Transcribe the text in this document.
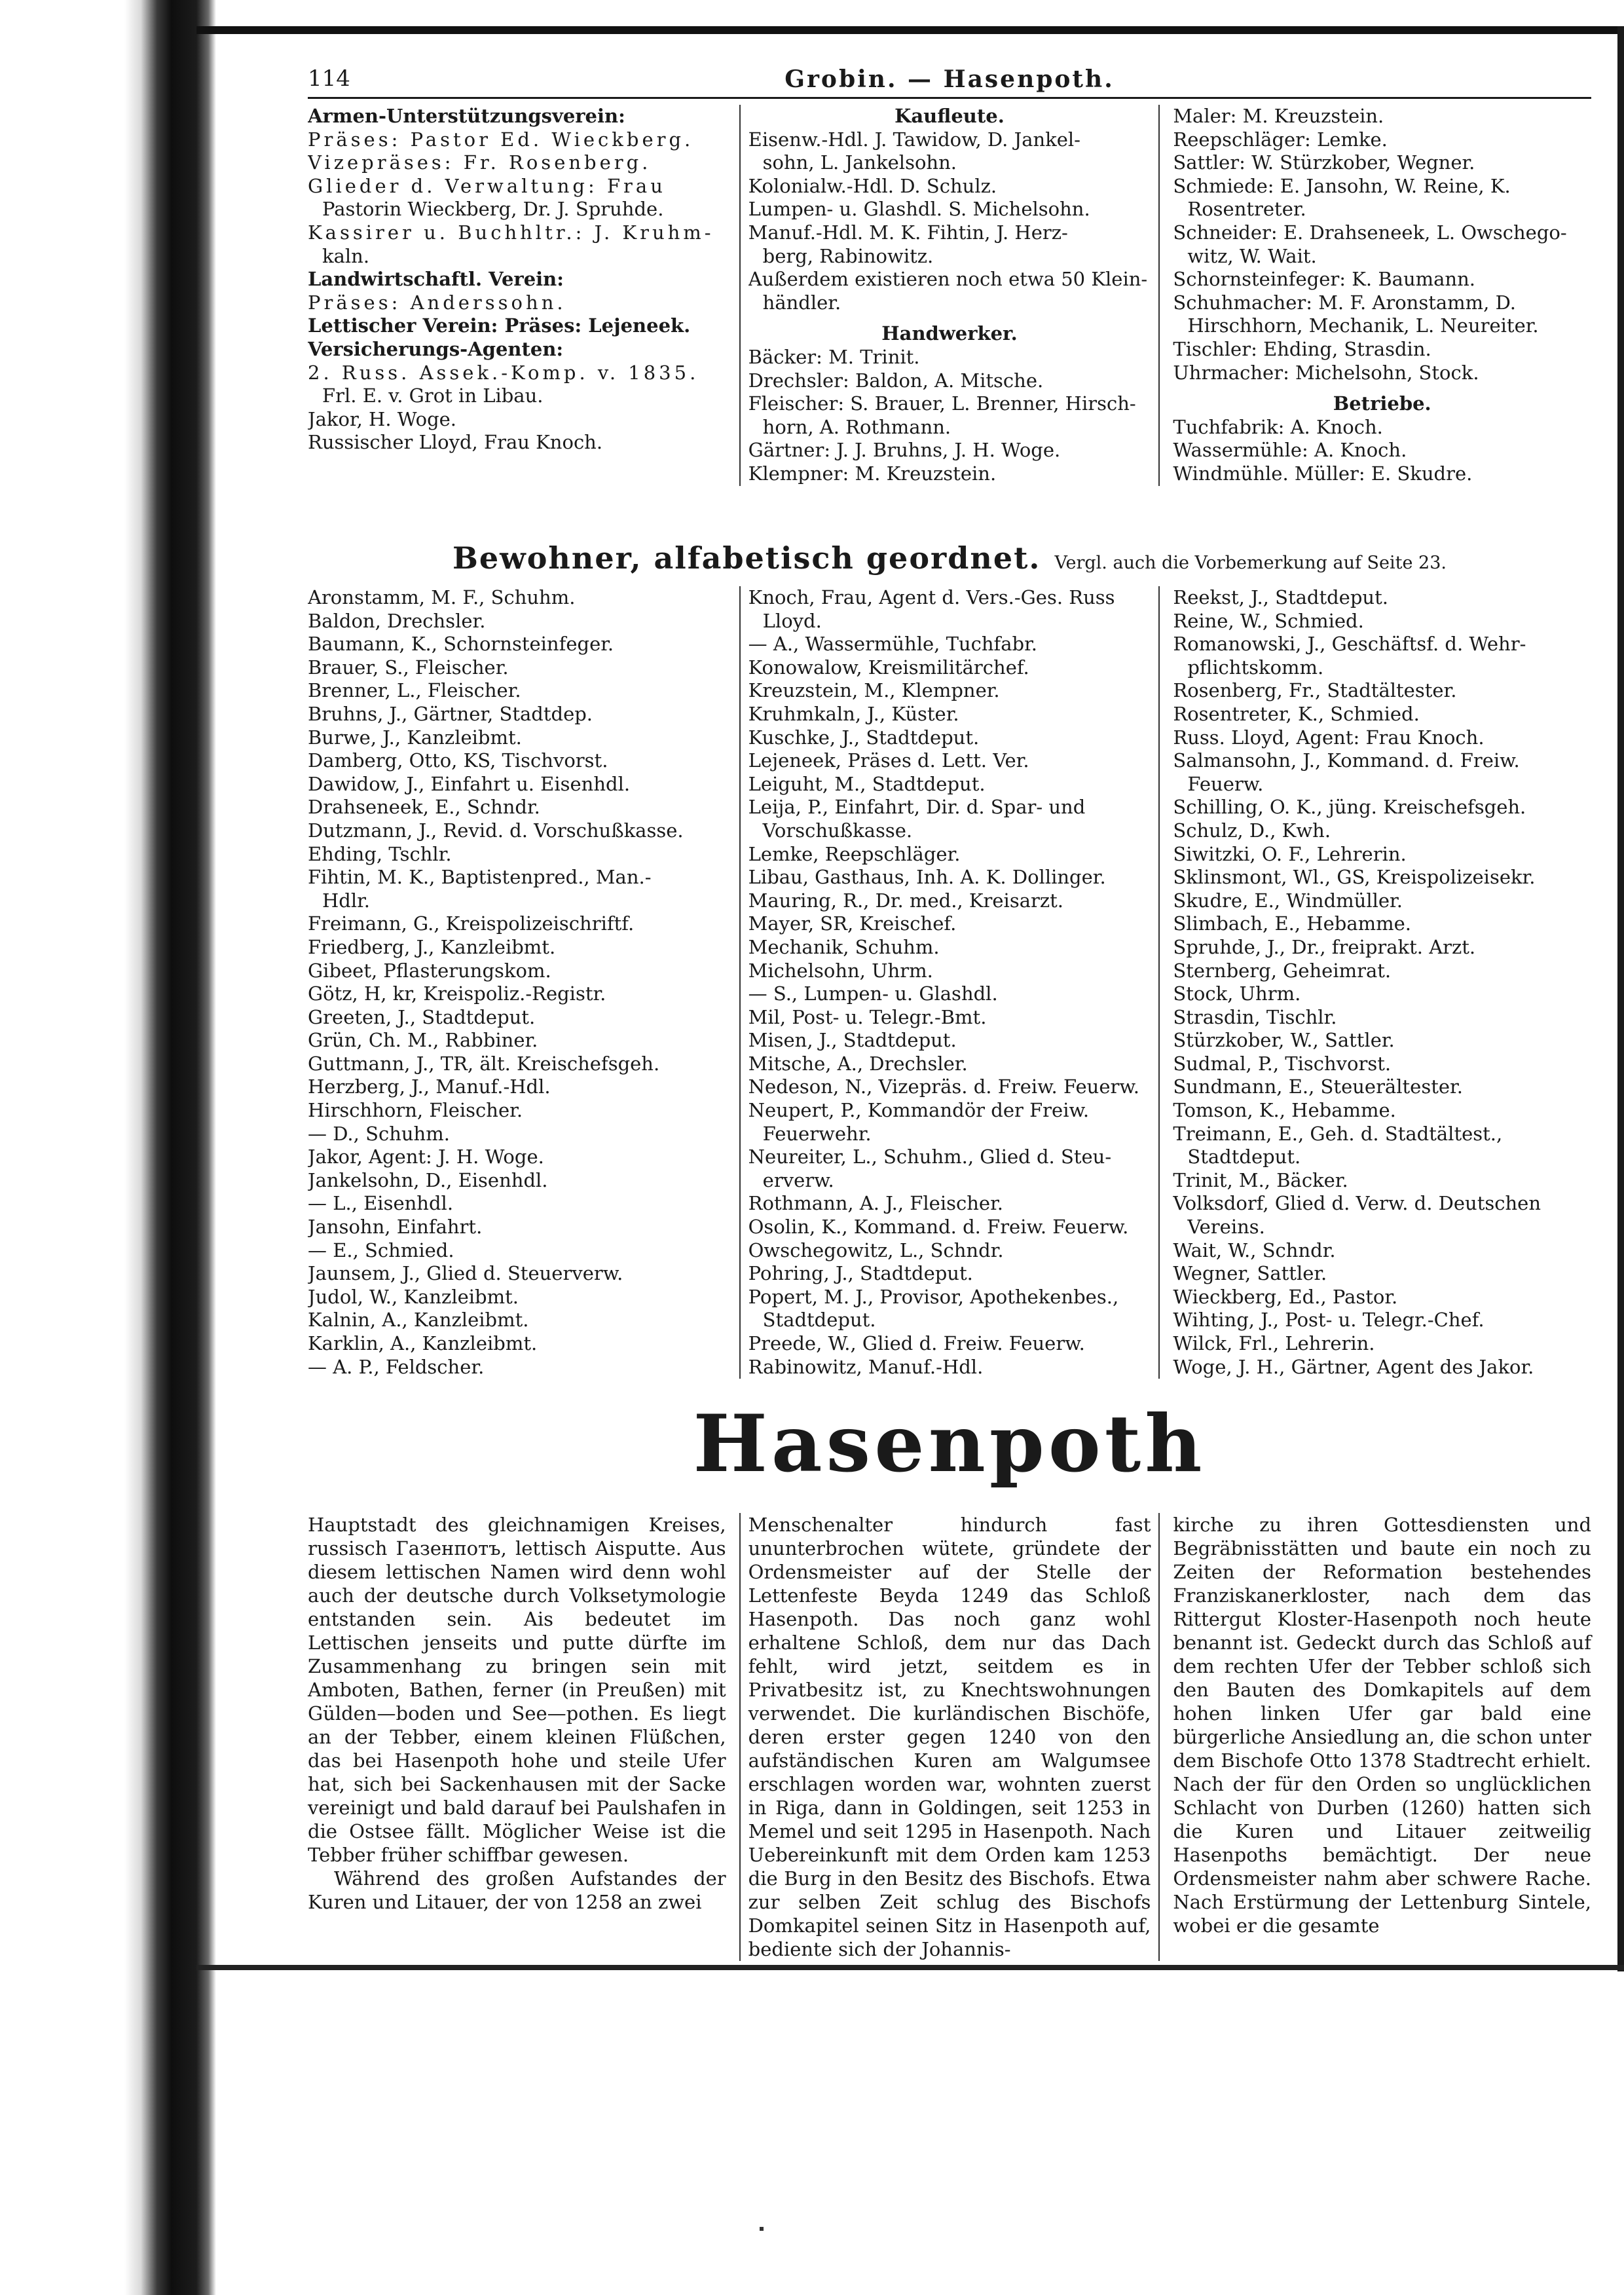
114	Grobin. — Hasenpoth.
Armen-Unterstützungsverein:
Präses: Pastor Ed. Wieckberg.
Vizepräses: Fr. Rosenberg.
Glieder d. Verwaltung: Frau
Pastorin Wieckberg, Dr. J. Spruhde.
Kassirer u. Buchhltr.: J. Kruhm-
kaln.
Landwirtschaftl. Verein:
Präses: Anderssohn.
Lettischer Verein: Präses: Lejeneek.
Versicherungs-Agenten:
2. Russ. Assek.-Komp. v. 1835.
Frl. E. v. Grot in Libau.
Jakor, H. Woge.
Russischer Lloyd, Frau Knoch.
Kaufleute.
Eisenw.-Hdl. J. Tawidow, D. Jankel-
sohn, L. Jankelsohn.
Kolonialw.-Hdl. D. Schulz.
Lumpen- u. Glashdl. S. Michelsohn.
Manuf.-Hdl. M. K. Fihtin, J. Herz-
berg, Rabinowitz.
Außerdem existieren noch etwa 50 Klein-
händler.
Handwerker.
Bäcker: M. Trinit.
Drechsler: Baldon, A. Mitsche.
Fleischer: S. Brauer, L. Brenner, Hirsch-
horn, A. Rothmann.
Gärtner: J. J. Bruhns, J. H. Woge.
Klempner: M. Kreuzstein.
Maler: M. Kreuzstein.
Reepschläger: Lemke.
Sattler: W. Stürzkober, Wegner.
Schmiede: E. Jansohn, W. Reine, K.
Rosentreter.
Schneider: E. Drahseneek, L. Owschego-
witz, W. Wait.
Schornsteinfeger: K. Baumann.
Schuhmacher: M. F. Aronstamm, D.
Hirschhorn, Mechanik, L. Neureiter.
Tischler: Ehding, Strasdin.
Uhrmacher: Michelsohn, Stock.
Betriebe.
Tuchfabrik: A. Knoch.
Wassermühle: A. Knoch.
Windmühle. Müller: E. Skudre.
Bewohner, alfabetisch geordnet. Vergl. auch die Vorbemerkung auf Seite 23.
Aronstamm, M. F., Schuhm.
Baldon, Drechsler.
Baumann, K., Schornsteinfeger.
Brauer, S., Fleischer.
Brenner, L., Fleischer.
Bruhns, J., Gärtner, Stadtdep.
Burwe, J., Kanzleibmt.
Damberg, Otto, KS, Tischvorst.
Dawidow, J., Einfahrt u. Eisenhdl.
Drahseneek, E., Schndr.
Dutzmann, J., Revid. d. Vorschußkasse.
Ehding, Tschlr.
Fihtin, M. K., Baptistenpred., Man.-
Hdlr.
Freimann, G., Kreispolizeischriftf.
Friedberg, J., Kanzleibmt.
Gibeet, Pflasterungskom.
Götz, H, kr, Kreispoliz.-Registr.
Greeten, J., Stadtdeput.
Grün, Ch. M., Rabbiner.
Guttmann, J., TR, ält. Kreischefsgeh.
Herzberg, J., Manuf.-Hdl.
Hirschhorn, Fleischer.
— D., Schuhm.
Jakor, Agent: J. H. Woge.
Jankelsohn, D., Eisenhdl.
— L., Eisenhdl.
Jansohn, Einfahrt.
— E., Schmied.
Jaunsem, J., Glied d. Steuerverw.
Judol, W., Kanzleibmt.
Kalnin, A., Kanzleibmt.
Karklin, A., Kanzleibmt.
— A. P., Feldscher.
Knoch, Frau, Agent d. Vers.-Ges. Russ
Lloyd.
— A., Wassermühle, Tuchfabr.
Konowalow, Kreismilitärchef.
Kreuzstein, M., Klempner.
Kruhmkaln, J., Küster.
Kuschke, J., Stadtdeput.
Lejeneek, Präses d. Lett. Ver.
Leiguht, M., Stadtdeput.
Leija, P., Einfahrt, Dir. d. Spar- und
Vorschußkasse.
Lemke, Reepschläger.
Libau, Gasthaus, Inh. A. K. Dollinger.
Mauring, R., Dr. med., Kreisarzt.
Mayer, SR, Kreischef.
Mechanik, Schuhm.
Michelsohn, Uhrm.
— S., Lumpen- u. Glashdl.
Mil, Post- u. Telegr.-Bmt.
Misen, J., Stadtdeput.
Mitsche, A., Drechsler.
Nedeson, N., Vizepräs. d. Freiw. Feuerw.
Neupert, P., Kommandör der Freiw.
Feuerwehr.
Neureiter, L., Schuhm., Glied d. Steu-
erverw.
Rothmann, A. J., Fleischer.
Osolin, K., Kommand. d. Freiw. Feuerw.
Owschegowitz, L., Schndr.
Pohring, J., Stadtdeput.
Popert, M. J., Provisor, Apothekenbes.,
Stadtdeput.
Preede, W., Glied d. Freiw. Feuerw.
Rabinowitz, Manuf.-Hdl.
Reekst, J., Stadtdeput.
Reine, W., Schmied.
Romanowski, J., Geschäftsf. d. Wehr-
pflichtskomm.
Rosenberg, Fr., Stadtältester.
Rosentreter, K., Schmied.
Russ. Lloyd, Agent: Frau Knoch.
Salmansohn, J., Kommand. d. Freiw.
Feuerw.
Schilling, O. K., jüng. Kreischefsgeh.
Schulz, D., Kwh.
Siwitzki, O. F., Lehrerin.
Sklinsmont, Wl., GS, Kreispolizeisekr.
Skudre, E., Windmüller.
Slimbach, E., Hebamme.
Spruhde, J., Dr., freiprakt. Arzt.
Sternberg, Geheimrat.
Stock, Uhrm.
Strasdin, Tischlr.
Stürzkober, W., Sattler.
Sudmal, P., Tischvorst.
Sundmann, E., Steuerältester.
Tomson, K., Hebamme.
Treimann, E., Geh. d. Stadtältest.,
Stadtdeput.
Trinit, M., Bäcker.
Volksdorf, Glied d. Verw. d. Deutschen
Vereins.
Wait, W., Schndr.
Wegner, Sattler.
Wieckberg, Ed., Pastor.
Wihting, J., Post- u. Telegr.-Chef.
Wilck, Frl., Lehrerin.
Woge, J. H., Gärtner, Agent des Jakor.
Hasenpoth
Hauptstadt des gleichnamigen Kreises, russisch Газенпотъ, lettisch Aisputte. Aus diesem lettischen Namen wird denn wohl auch der deutsche durch Volksetymologie entstanden sein. Ais bedeutet im Lettischen jenseits und putte dürfte im Zusammenhang zu bringen sein mit Amboten, Bathen, ferner (in Preußen) mit Gülden—boden und See—pothen. Es liegt an der Tebber, einem kleinen Flüßchen, das bei Hasenpoth hohe und steile Ufer hat, sich bei Sackenhausen mit der Sacke vereinigt und bald darauf bei Paulshafen in die Ostsee fällt. Möglicher Weise ist die Tebber früher schiffbar gewesen.
Während des großen Aufstandes der Kuren und Litauer, der von 1258 an zwei
Menschenalter hindurch fast ununterbrochen wütete, gründete der Ordensmeister auf der Stelle der Lettenfeste Beyda 1249 das Schloß Hasenpoth. Das noch ganz wohl erhaltene Schloß, dem nur das Dach fehlt, wird jetzt, seitdem es in Privatbesitz ist, zu Knechtswohnungen verwendet. Die kurländischen Bischöfe, deren erster gegen 1240 von den aufständischen Kuren am Walgumsee erschlagen worden war, wohnten zuerst in Riga, dann in Goldingen, seit 1253 in Memel und seit 1295 in Hasenpoth. Nach Uebereinkunft mit dem Orden kam 1253 die Burg in den Besitz des Bischofs. Etwa zur selben Zeit schlug des Bischofs Domkapitel seinen Sitz in Hasenpoth auf, bediente sich der Johannis-
kirche zu ihren Gottesdiensten und Begräbnisstätten und baute ein noch zu Zeiten der Reformation bestehendes Franziskanerkloster, nach dem das Rittergut Kloster-Hasenpoth noch heute benannt ist. Gedeckt durch das Schloß auf dem rechten Ufer der Tebber schloß sich den Bauten des Domkapitels auf dem hohen linken Ufer gar bald eine bürgerliche Ansiedlung an, die schon unter dem Bischofe Otto 1378 Stadtrecht erhielt. Nach der für den Orden so unglücklichen Schlacht von Durben (1260) hatten sich die Kuren und Litauer zeitweilig Hasenpoths bemächtigt. Der neue Ordensmeister nahm aber schwere Rache. Nach Erstürmung der Lettenburg Sintele, wobei er die gesamte
